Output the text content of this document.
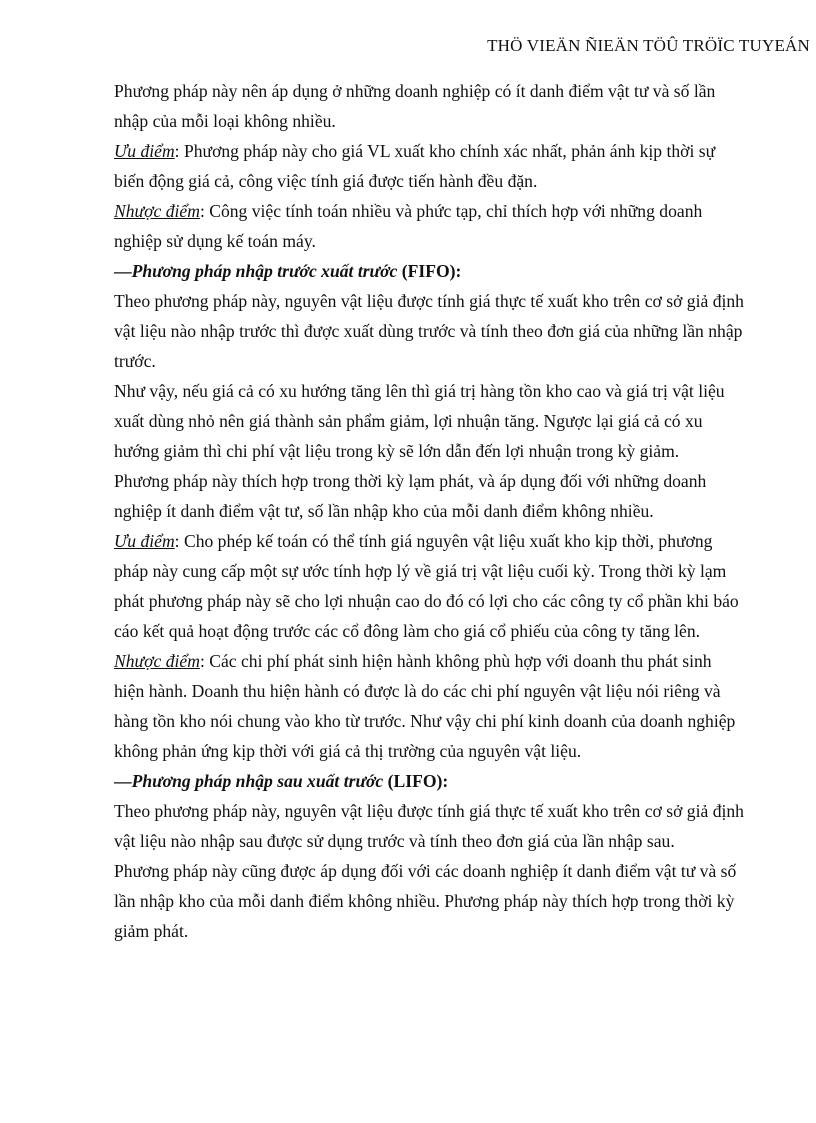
THÖ VIEÄN ÑIEÄN TÖÛ TRÖÏC TUYEÁN

Phương pháp này nên áp dụng ở những doanh nghiệp có ít danh điểm vật tư và số lần nhập của mỗi loại không nhiều.

Ưu điểm: Phương pháp này cho giá VL xuất kho chính xác nhất, phản ánh kịp thời sự biến động giá cả, công việc tính giá được tiến hành đều đặn.

Nhược điểm: Công việc tính toán nhiều và phức tạp, chỉ thích hợp với những doanh nghiệp sử dụng kế toán máy.

—Phương pháp nhập trước xuất trước (FIFO):

Theo phương pháp này, nguyên vật liệu được tính giá thực tế xuất kho trên cơ sở giả định vật liệu nào nhập trước thì được xuất dùng trước và tính theo đơn giá của những lần nhập trước.

Như vậy, nếu giá cả có xu hướng tăng lên thì giá trị hàng tồn kho cao và giá trị vật liệu xuất dùng nhỏ nên giá thành sản phẩm giảm, lợi nhuận tăng. Ngược lại giá cả có xu hướng giảm thì chi phí vật liệu trong kỳ sẽ lớn dẫn đến lợi nhuận trong kỳ giảm.

Phương pháp này thích hợp trong thời kỳ lạm phát, và áp dụng đối với những doanh nghiệp ít danh điểm vật tư, số lần nhập kho của mỗi danh điểm không nhiều.

Ưu điểm: Cho phép kế toán có thể tính giá nguyên vật liệu xuất kho kịp thời, phương pháp này cung cấp một sự ước tính hợp lý về giá trị vật liệu cuối kỳ. Trong thời kỳ lạm phát phương pháp này sẽ cho lợi nhuận cao do đó có lợi cho các công ty cổ phần khi báo cáo kết quả hoạt động trước các cổ đông làm cho giá cổ phiếu của công ty tăng lên.

Nhược điểm: Các chi phí phát sinh hiện hành không phù hợp với doanh thu phát sinh hiện hành. Doanh thu hiện hành có được là do các chi phí nguyên vật liệu nói riêng và hàng tồn kho nói chung vào kho từ trước. Như vậy chi phí kinh doanh của doanh nghiệp không phản ứng kịp thời với giá cả thị trường của nguyên vật liệu.

—Phương pháp nhập sau xuất trước (LIFO):

Theo phương pháp này, nguyên vật liệu được tính giá thực tế xuất kho trên cơ sở giả định vật liệu nào nhập sau được sử dụng trước và tính theo đơn giá của lần nhập sau.

Phương pháp này cũng được áp dụng đối với các doanh nghiệp ít danh điểm vật tư và số lần nhập kho của mỗi danh điểm không nhiều. Phương pháp này thích hợp trong thời kỳ giảm phát.
